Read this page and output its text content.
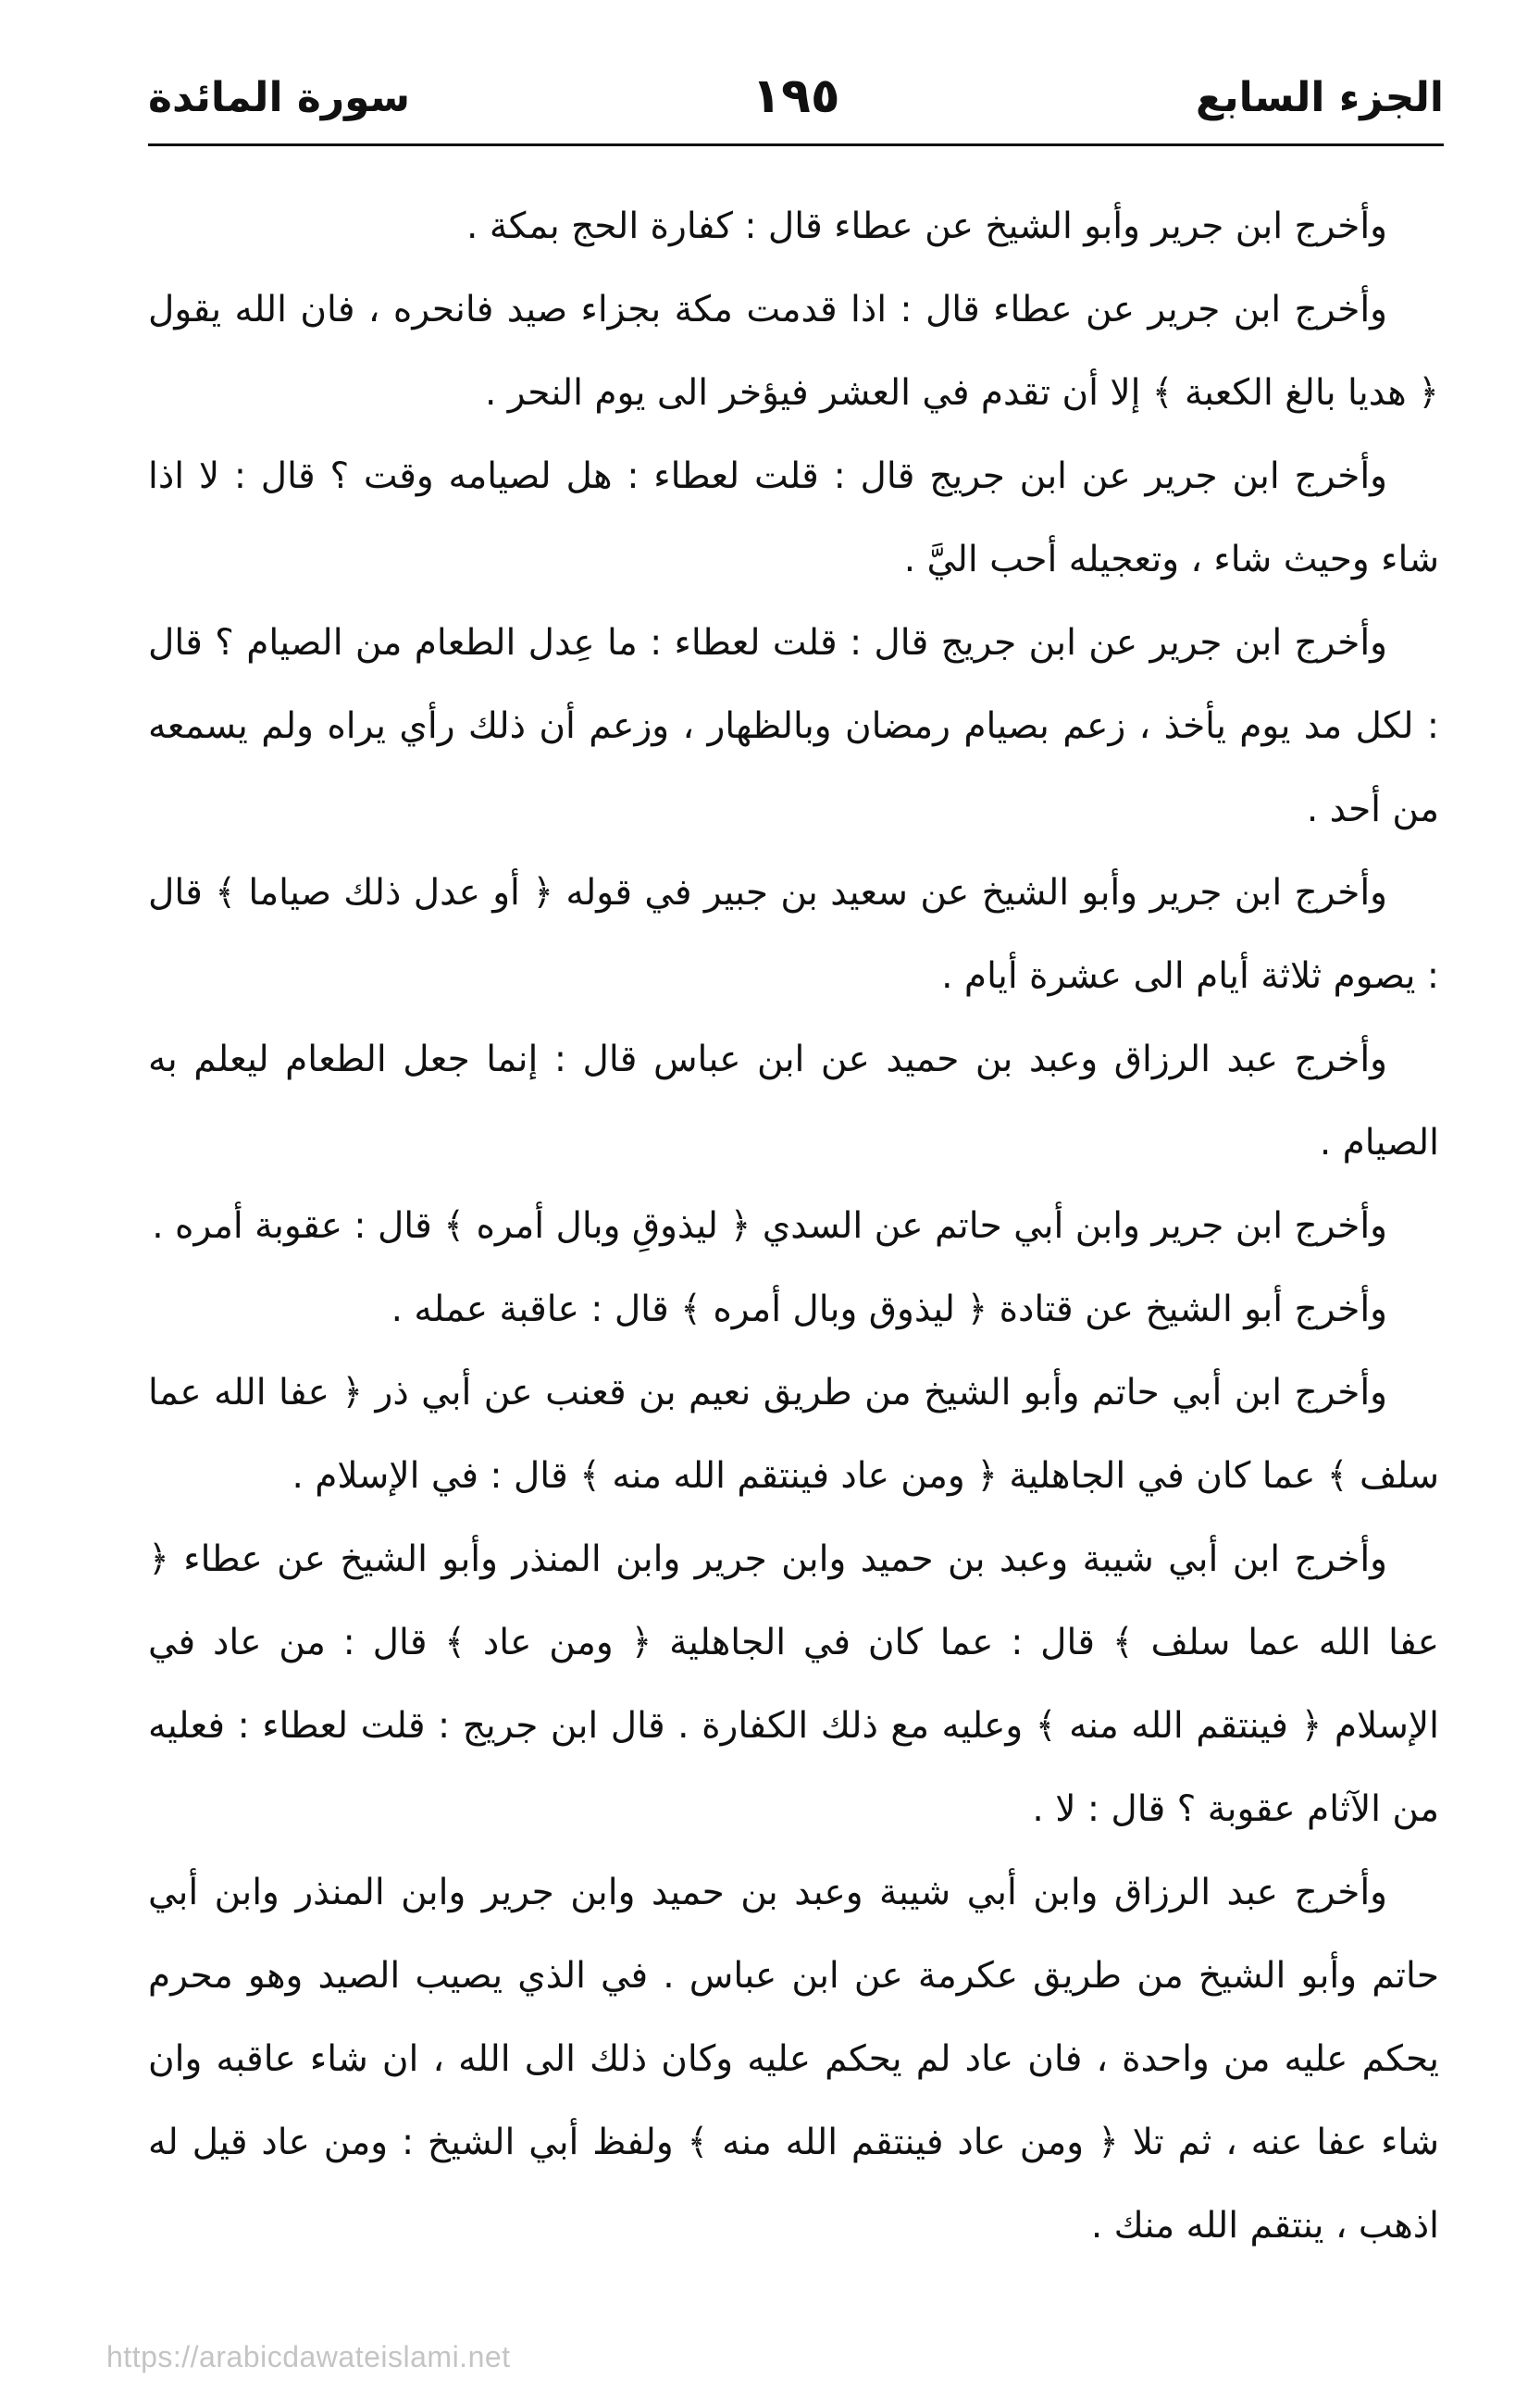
الجزء السابع
١٩٥
سورة المائدة

وأخرج ابن جرير وأبو الشيخ عن عطاء قال : كفارة الحج بمكة .

وأخرج ابن جرير عن عطاء قال : اذا قدمت مكة بجزاء صيد فانحره ، فان الله يقول ﴿ هديا بالغ الكعبة ﴾ إلا أن تقدم في العشر فيؤخر الى يوم النحر .

وأخرج ابن جرير عن ابن جريج قال : قلت لعطاء : هل لصيامه وقت ؟ قال : لا اذا شاء وحيث شاء ، وتعجيله أحب اليَّ .

وأخرج ابن جرير عن ابن جريج قال : قلت لعطاء : ما عِدل الطعام من الصيام ؟ قال : لكل مد يوم يأخذ ، زعم بصيام رمضان وبالظهار ، وزعم أن ذلك رأي يراه ولم يسمعه من أحد .

وأخرج ابن جرير وأبو الشيخ عن سعيد بن جبير في قوله ﴿ أو عدل ذلك صياما ﴾ قال : يصوم ثلاثة أيام الى عشرة أيام .

وأخرج عبد الرزاق وعبد بن حميد عن ابن عباس قال : إنما جعل الطعام ليعلم به الصيام .

وأخرج ابن جرير وابن أبي حاتم عن السدي ﴿ ليذوقِ وبال أمره ﴾ قال : عقوبة أمره .

وأخرج أبو الشيخ عن قتادة ﴿ ليذوق وبال أمره ﴾ قال : عاقبة عمله .

وأخرج ابن أبي حاتم وأبو الشيخ من طريق نعيم بن قعنب عن أبي ذر ﴿ عفا الله عما سلف ﴾ عما كان في الجاهلية ﴿ ومن عاد فينتقم الله منه ﴾ قال : في الإسلام .

وأخرج ابن أبي شيبة وعبد بن حميد وابن جرير وابن المنذر وأبو الشيخ عن عطاء ﴿ عفا الله عما سلف ﴾ قال : عما كان في الجاهلية ﴿ ومن عاد ﴾ قال : من عاد في الإسلام ﴿ فينتقم الله منه ﴾ وعليه مع ذلك الكفارة . قال ابن جريج : قلت لعطاء : فعليه من الآثام عقوبة ؟ قال : لا .

وأخرج عبد الرزاق وابن أبي شيبة وعبد بن حميد وابن جرير وابن المنذر وابن أبي حاتم وأبو الشيخ من طريق عكرمة عن ابن عباس . في الذي يصيب الصيد وهو محرم يحكم عليه من واحدة ، فان عاد لم يحكم عليه وكان ذلك الى الله ، ان شاء عاقبه وان شاء عفا عنه ، ثم تلا ﴿ ومن عاد فينتقم الله منه ﴾ ولفظ أبي الشيخ : ومن عاد قيل له اذهب ، ينتقم الله منك .

https://arabicdawateislami.net
